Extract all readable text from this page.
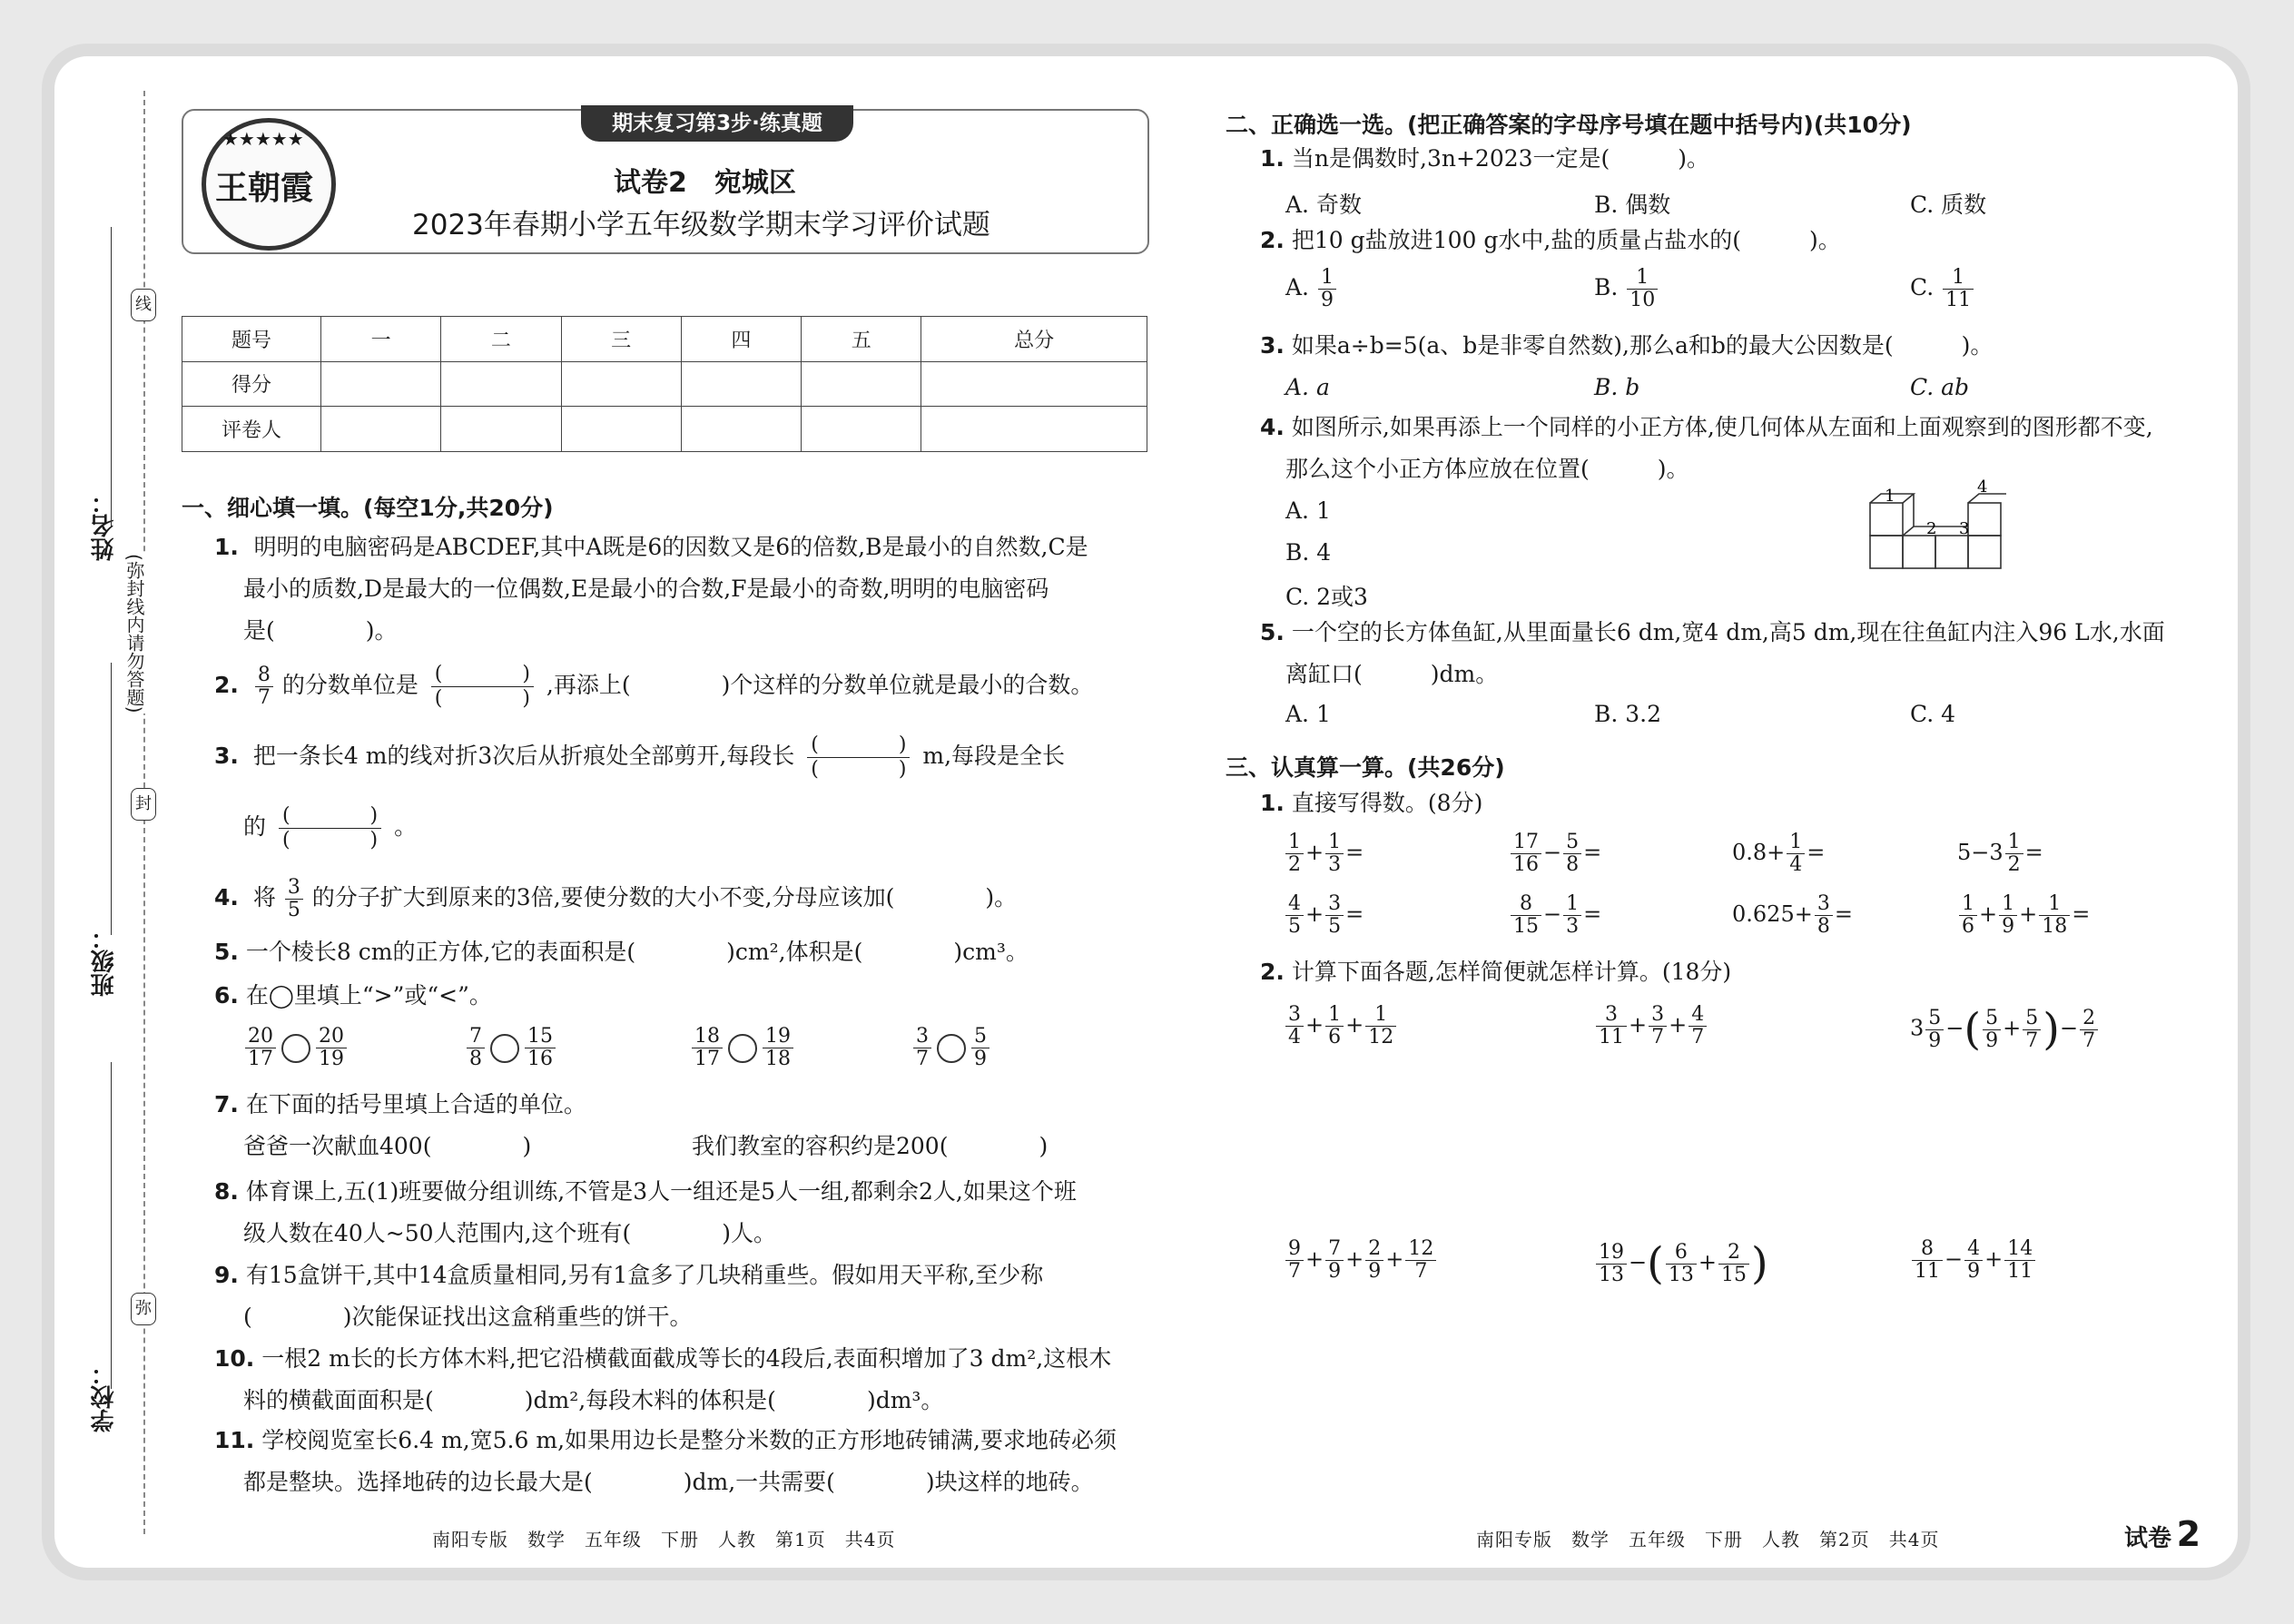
姓名：
班级：
学校：
(弥封线内请勿答题)
线
封
弥
★★★★★
王朝霞
期末复习第3步·练真题
试卷2　宛城区
2023年春期小学五年级数学期末学习评价试题
题号	一	二	三	四	五	总分
得分						
评卷人						
一、细心填一填。(每空1分,共20分)
1. 明明的电脑密码是ABCDEF,其中A既是6的因数又是6的倍数,B是最小的自然数,C是
最小的质数,D是最大的一位偶数,E是最小的合数,F是最小的奇数,明明的电脑密码
是(　　　　)。
2. $\frac{8}{7}$ 的分数单位是 (　　　　)
(　　　　) ,再添上(　　　　)个这样的分数单位就是最小的合数。
3. 把一条长4 m的线对折3次后从折痕处全部剪开,每段长 (　　　　)
(　　　　) m,每段是全长
的 (　　　　)
(　　　　) 。
4. 将 $\frac{3}{5}$ 的分子扩大到原来的3倍,要使分数的大小不变,分母应该加(　　　　)。
5. 一个棱长8 cm的正方体,它的表面积是(　　　　)cm²,体积是(　　　　)cm³。
6. 在◯里填上“>”或“<”。
$\frac{20}{17} \frac{20}{19}$	$\frac{7}{8} \frac{15}{16}$	$\frac{18}{17} \frac{19}{18}$	$\frac{3}{7} \frac{5}{9}$
7. 在下面的括号里填上合适的单位。
爸爸一次献血400(　　　　)	我们教室的容积约是200(　　　　)
8. 体育课上,五(1)班要做分组训练,不管是3人一组还是5人一组,都剩余2人,如果这个班
级人数在40人~50人范围内,这个班有(　　　　)人。
9. 有15盒饼干,其中14盒质量相同,另有1盒多了几块稍重些。假如用天平称,至少称
(　　　　)次能保证找出这盒稍重些的饼干。
10. 一根2 m长的长方体木料,把它沿横截面截成等长的4段后,表面积增加了3 dm²,这根木
料的横截面面积是(　　　　)dm²,每段木料的体积是(　　　　)dm³。
11. 学校阅览室长6.4 m,宽5.6 m,如果用边长是整分米数的正方形地砖铺满,要求地砖必须
都是整块。选择地砖的边长最大是(　　　　)dm,一共需要(　　　　)块这样的地砖。
南阳专版　数学　五年级　下册　人教　第1页　共4页
二、正确选一选。(把正确答案的字母序号填在题中括号内)(共10分)
1. 当n是偶数时,3n+2023一定是(　　　)。
A. 奇数	B. 偶数	C. 质数
2. 把10 g盐放进100 g水中,盐的质量占盐水的(　　　)。
A. $\frac{1}{9}$	B. $\frac{1}{10}$	C. $\frac{1}{11}$
3. 如果a÷b=5(a、b是非零自然数),那么a和b的最大公因数是(　　　)。
A. a	B. b	C. ab
4. 如图所示,如果再添上一个同样的小正方体,使几何体从左面和上面观察到的图形都不变,
那么这个小正方体应放在位置(　　　)。
A. 1
B. 4
C. 2或3
1
2 3
4
5. 一个空的长方体鱼缸,从里面量长6 dm,宽4 dm,高5 dm,现在往鱼缸内注入96 L水,水面
离缸口(　　　)dm。
A. 1	B. 3.2	C. 4
三、认真算一算。(共26分)
1. 直接写得数。(8分)
$\frac{1}{2} + \frac{1}{3}$ =	$\frac{17}{16} - \frac{5}{8}$ =	$0.8+ \frac{1}{4}$ =	$5-3 \frac{1}{2}$ =
$\frac{4}{5} + \frac{3}{5}$ =	$\frac{8}{15} - \frac{1}{3}$ =	$0.625+ \frac{3}{8}$ =	$\frac{1}{6} + \frac{1}{9} + \frac{1}{18}$ =
2. 计算下面各题,怎样简便就怎样计算。(18分)
$\frac{3}{4} + \frac{1}{6} + \frac{1}{12}$	$\frac{3}{11} + \frac{3}{7} + \frac{4}{7}$	$3 \frac{5}{9}$ −( $\frac{5}{9} + \frac{5}{7}$ )− $\frac{2}{7}$
$\frac{9}{7} + \frac{7}{9} + \frac{2}{9} + \frac{12}{7}$	$\frac{19}{13}$ −( $\frac{6}{13} + \frac{2}{15}$ )	$\frac{8}{11} - \frac{4}{9} + \frac{14}{11}$
南阳专版　数学　五年级　下册　人教　第2页　共4页	试卷 2
